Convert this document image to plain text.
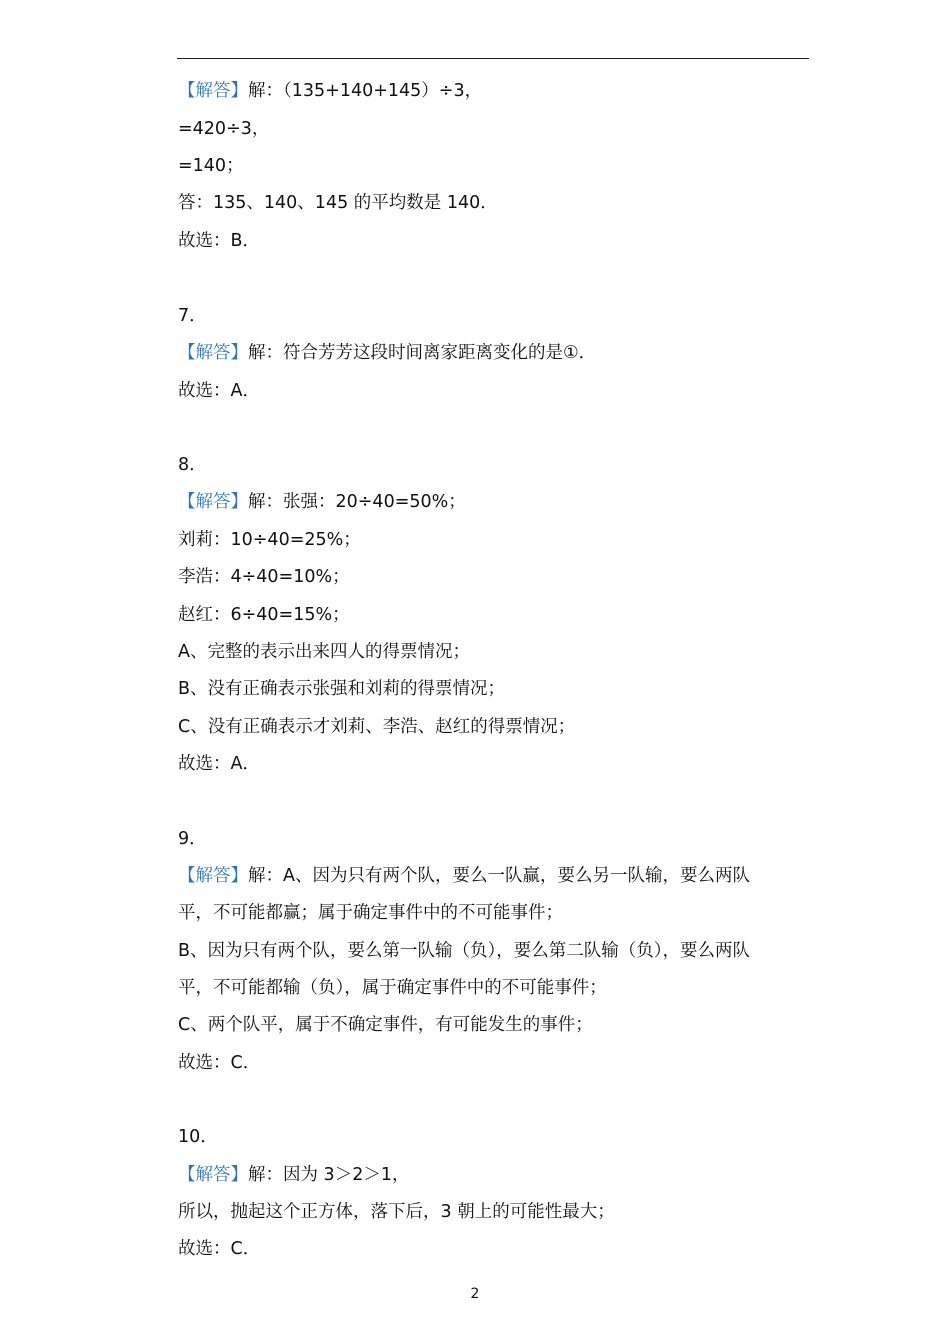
【解答】解：（135+140+145）÷3，
=420÷3，
=140；
答：135、140、145 的平均数是 140．
故选：B．
7．
【解答】解：符合芳芳这段时间离家距离变化的是①．
故选：A．
8．
【解答】解：张强：20÷40=50%；
刘莉：10÷40=25%；
李浩：4÷40=10%；
赵红：6÷40=15%；
A、完整的表示出来四人的得票情况；
B、没有正确表示张强和刘莉的得票情况；
C、没有正确表示才刘莉、李浩、赵红的得票情况；
故选：A．
9．
【解答】解：A、因为只有两个队，要么一队赢，要么另一队输，要么两队
平，不可能都赢；属于确定事件中的不可能事件；
B、因为只有两个队，要么第一队输（负），要么第二队输（负），要么两队
平，不可能都输（负），属于确定事件中的不可能事件；
C、两个队平，属于不确定事件，有可能发生的事件；
故选：C．
10．
【解答】解：因为 3＞2＞1，
所以，抛起这个正方体，落下后，3 朝上的可能性最大；
故选：C．
2
